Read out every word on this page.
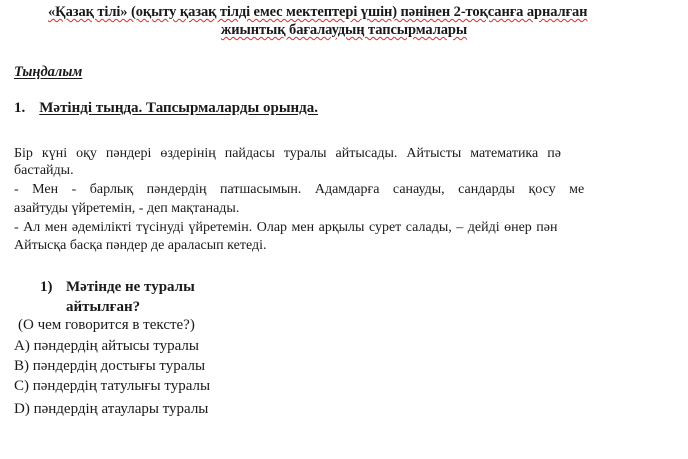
«Қазақ тілі» (оқыту қазақ тілді емес мектептері үшін) пәнінен 2-тоқсанға арналған
жиынтық бағалаудың тапсырмалары
Тыңдалым
1. Мәтінді тыңда. Тапсырмаларды орында.
Бір күні оқу пәндері өздерінің пайдасы туралы айтысады. Айтысты математика пә
бастайды.
- Мен - барлық пәндердің патшасымын. Адамдарға санауды, сандарды қосу ме
азайтуды үйретемін, - деп мақтанады.
- Ал мен әдемілікті түсінуді үйретемін. Олар мен арқылы сурет салады, – дейді өнер пән
Айтысқа басқа пәндер де араласып кетеді.
1) Мәтінде не туралы
айтылған?
(О чем говорится в тексте?)
А) пәндердің айтысы туралы
В) пәндердің достығы туралы
С) пәндердің татулығы туралы
D) пәндердің атаулары туралы
